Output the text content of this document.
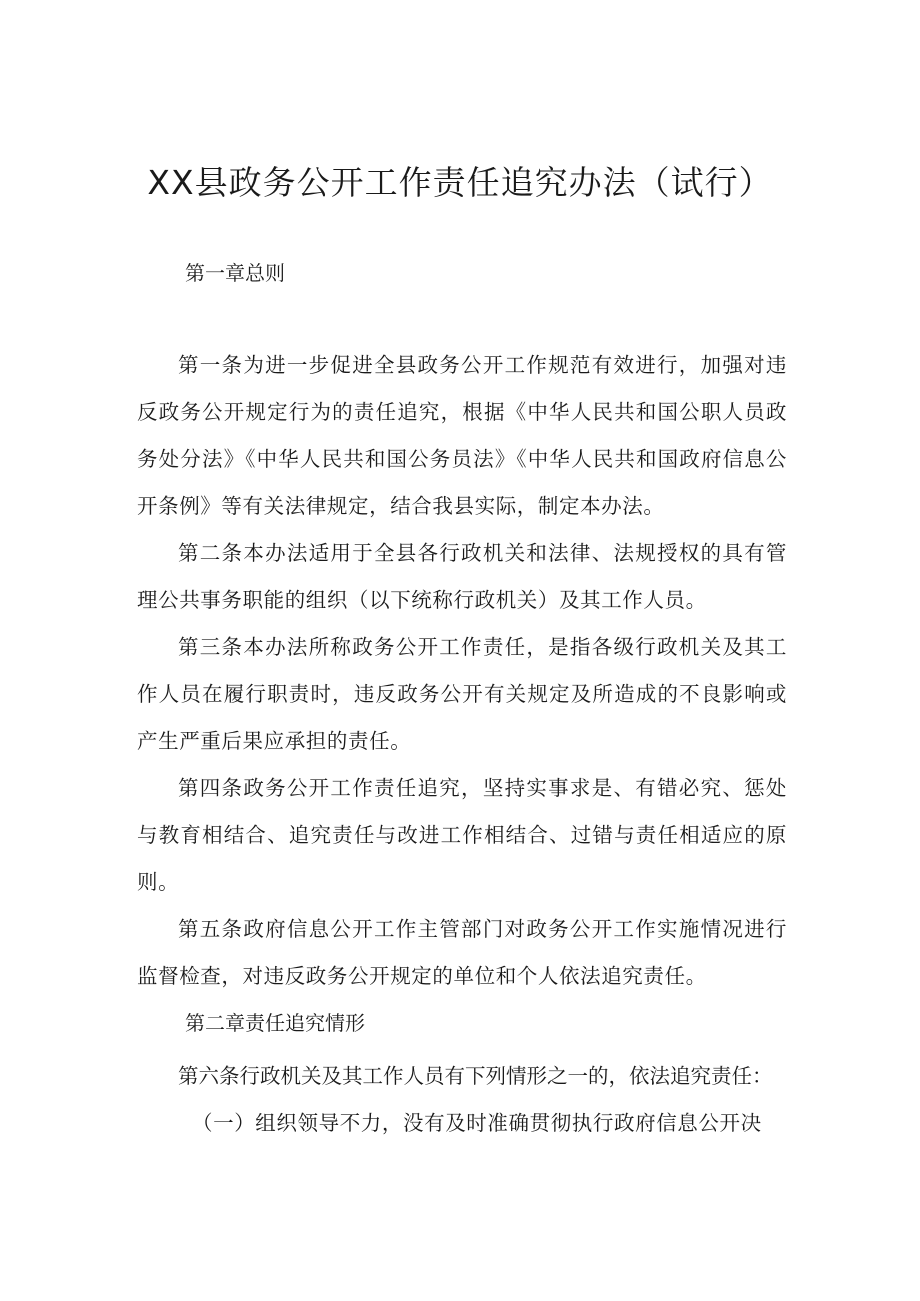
XX县政务公开工作责任追究办法（试行）

第一章总则

第一条为进一步促进全县政务公开工作规范有效进行，加强对违反政务公开规定行为的责任追究，根据《中华人民共和国公职人员政务处分法》《中华人民共和国公务员法》《中华人民共和国政府信息公开条例》等有关法律规定，结合我县实际，制定本办法。

第二条本办法适用于全县各行政机关和法律、法规授权的具有管理公共事务职能的组织（以下统称行政机关）及其工作人员。

第三条本办法所称政务公开工作责任，是指各级行政机关及其工作人员在履行职责时，违反政务公开有关规定及所造成的不良影响或产生严重后果应承担的责任。

第四条政务公开工作责任追究，坚持实事求是、有错必究、惩处与教育相结合、追究责任与改进工作相结合、过错与责任相适应的原则。

第五条政府信息公开工作主管部门对政务公开工作实施情况进行监督检查，对违反政务公开规定的单位和个人依法追究责任。

第二章责任追究情形

第六条行政机关及其工作人员有下列情形之一的，依法追究责任：

（一）组织领导不力，没有及时准确贯彻执行政府信息公开决
